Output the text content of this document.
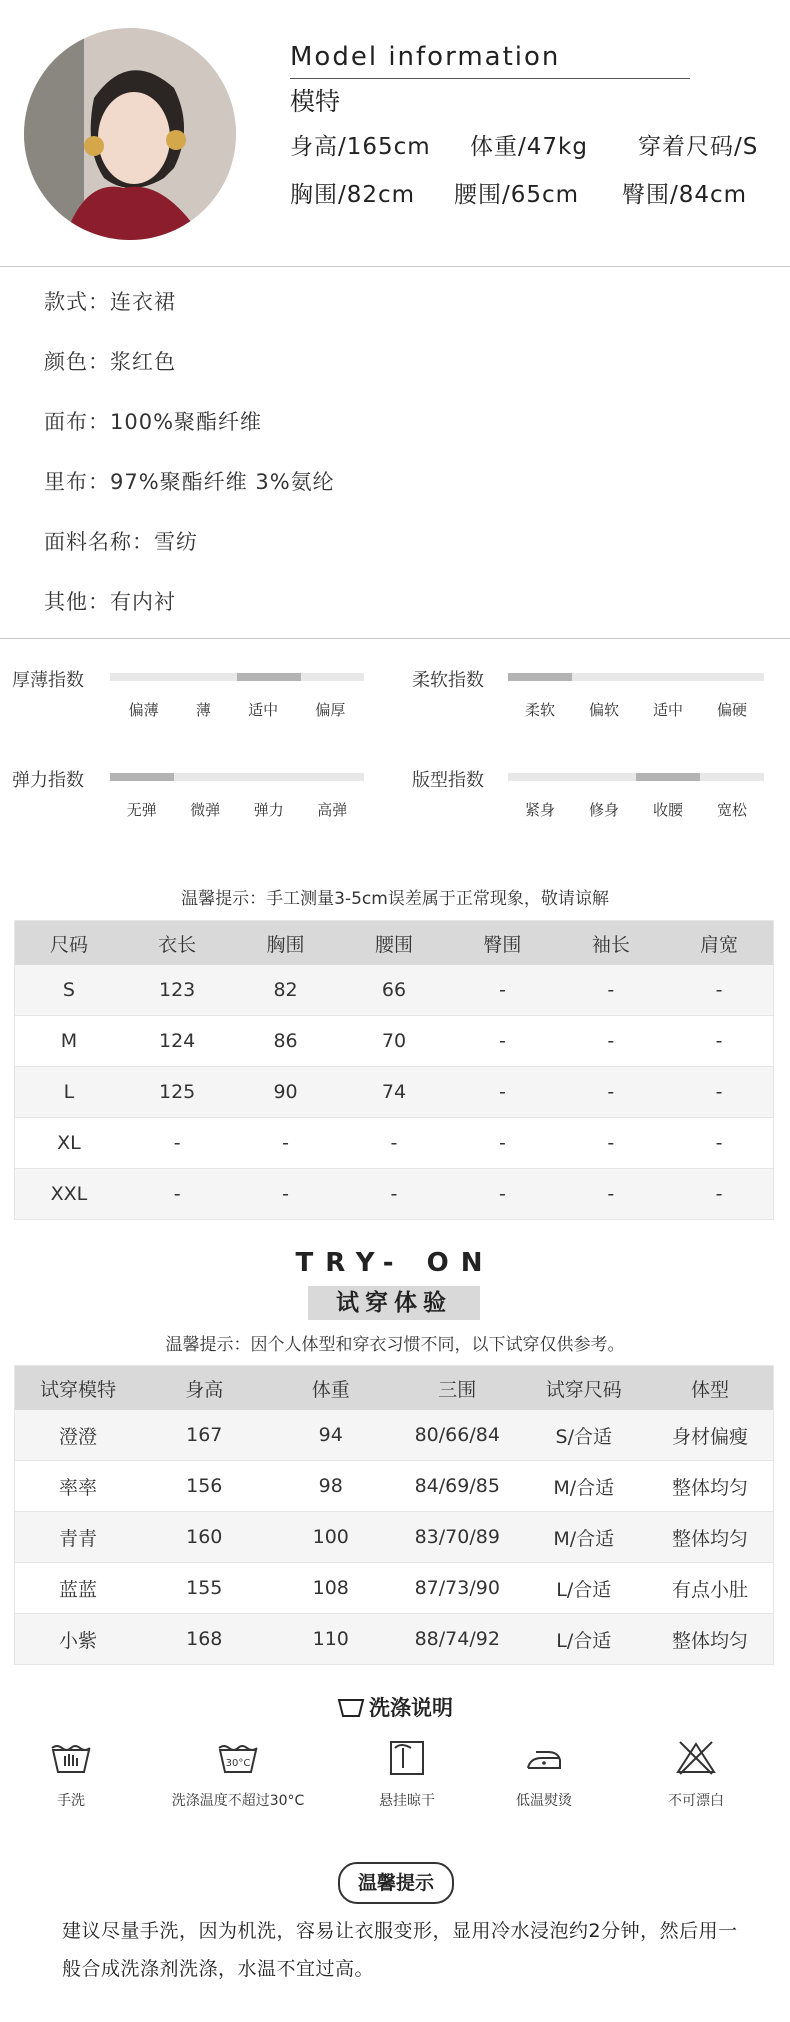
Model information
模特
身高/165cm 体重/47kg 穿着尺码/S
胸围/82cm 腰围/65cm 臀围/84cm
款式：连衣裙
颜色：浆红色
面布：100%聚酯纤维
里布：97%聚酯纤维 3%氨纶
面料名称：雪纺
其他：有内衬
厚薄指数
偏薄 薄 适中 偏厚
柔软指数
柔软 偏软 适中 偏硬
弹力指数
无弹 微弹 弹力 高弹
版型指数
紧身 修身 收腰 宽松
温馨提示：手工测量3-5cm误差属于正常现象，敬请谅解
尺码	衣长	胸围	腰围	臀围	袖长	肩宽
S	123	82	66	-	-	-
M	124	86	70	-	-	-
L	125	90	74	-	-	-
XL	-	-	-	-	-	-
XXL	-	-	-	-	-	-
TRY- ON
试穿体验
温馨提示：因个人体型和穿衣习惯不同，以下试穿仅供参考。
试穿模特	身高	体重	三围	试穿尺码	体型
澄澄	167	94	80/66/84	S/合适	身材偏瘦
率率	156	98	84/69/85	M/合适	整体均匀
青青	160	100	83/70/89	M/合适	整体均匀
蓝蓝	155	108	87/73/90	L/合适	有点小肚
小紫	168	110	88/74/92	L/合适	整体均匀
洗涤说明
手洗
30°C
洗涤温度不超过30°C	悬挂晾干	低温熨烫	不可漂白
温馨提示
建议尽量手洗，因为机洗，容易让衣服变形，显用冷水浸泡约2分钟，然后用一般合成洗涤剂洗涤，水温不宜过高。
